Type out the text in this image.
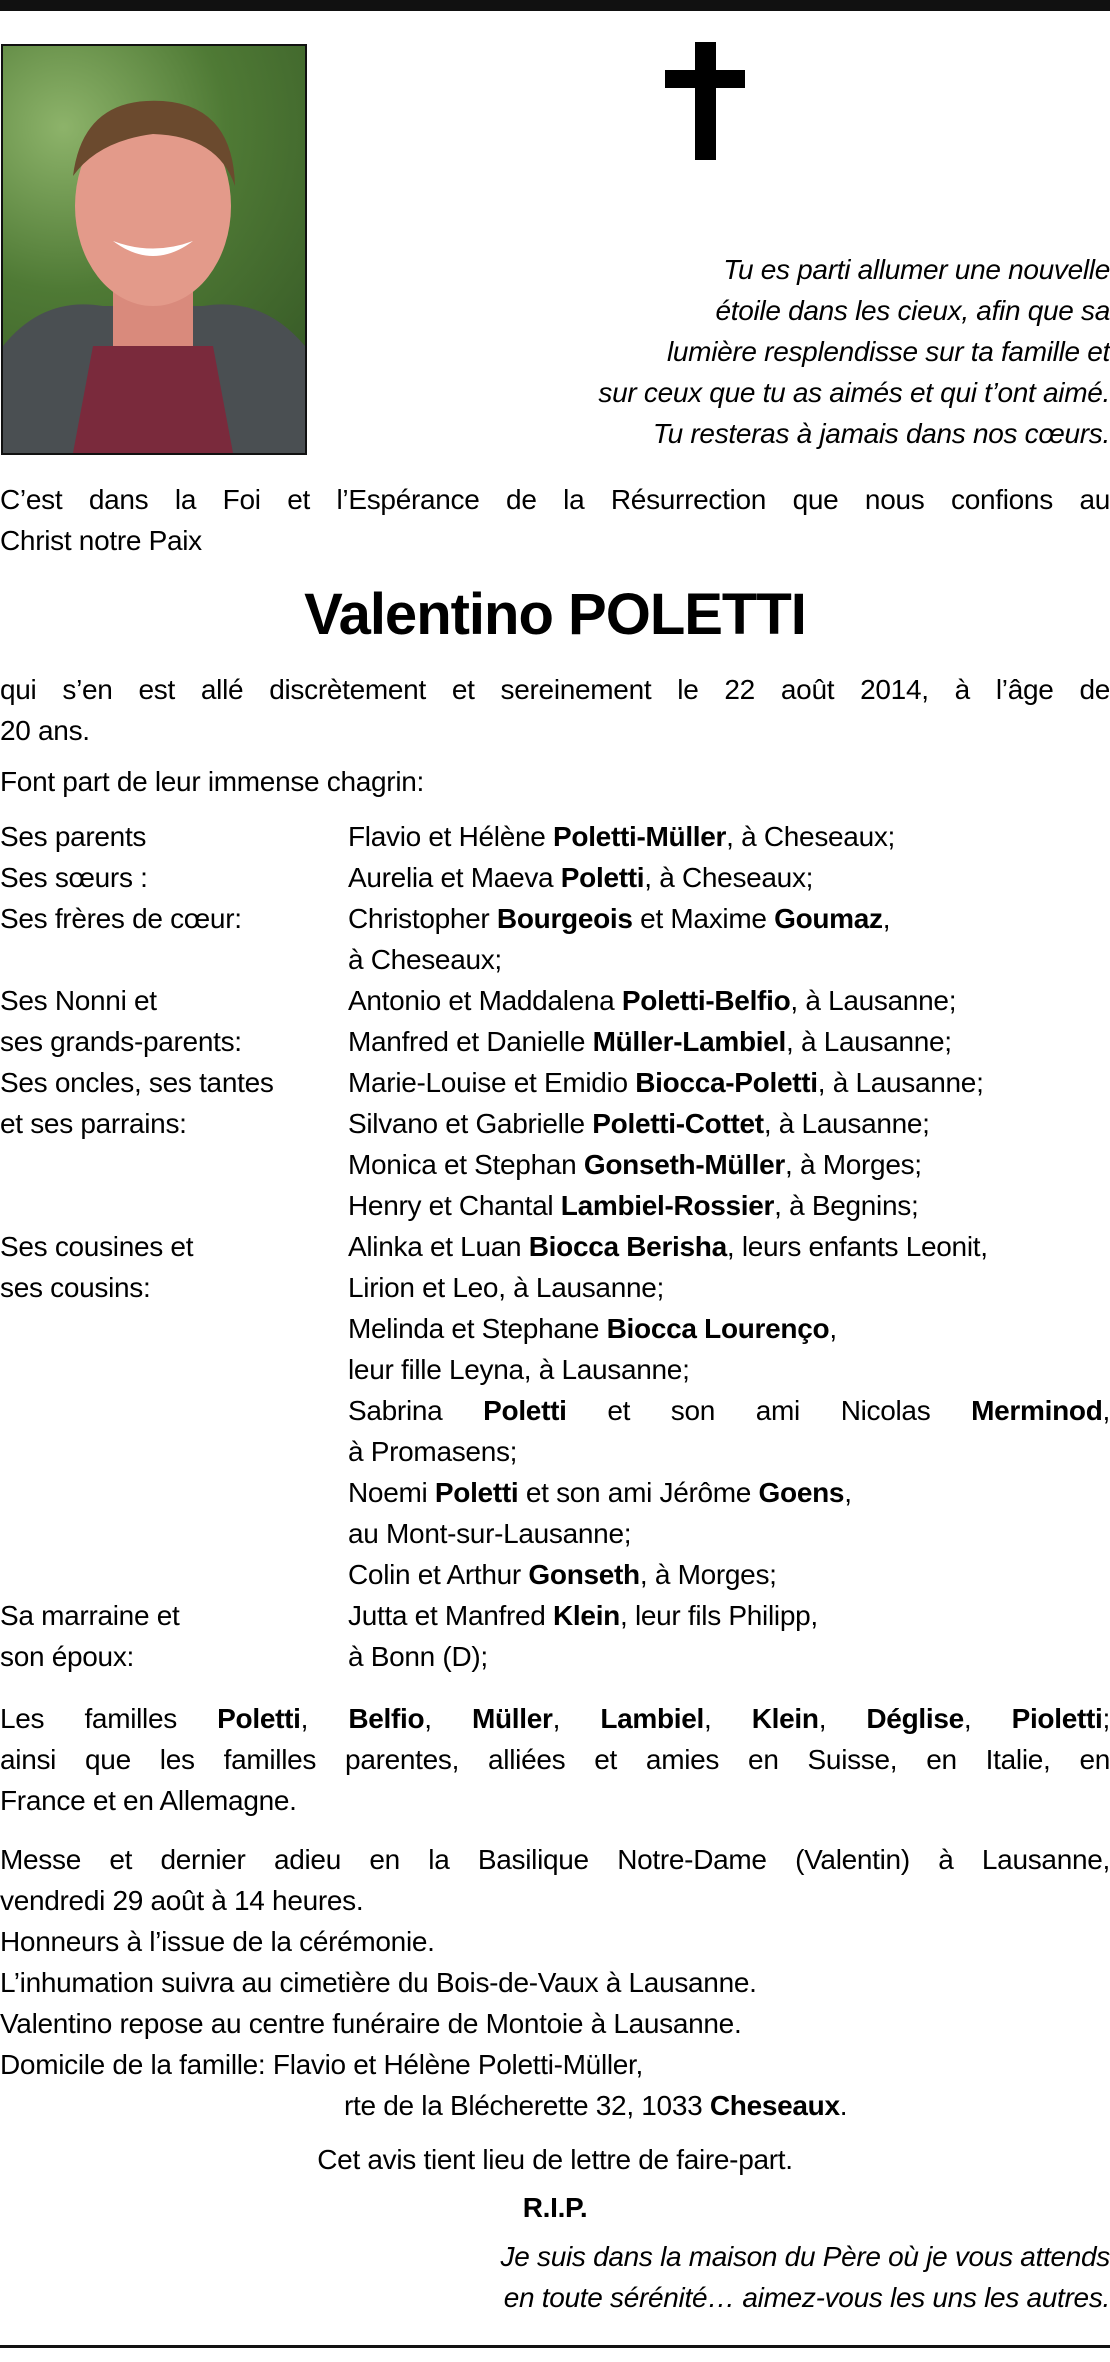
Tu es parti allumer une nouvelle
étoile dans les cieux, afin que sa
lumière resplendisse sur ta famille et
sur ceux que tu as aimés et qui t’ont aimé.
Tu resteras à jamais dans nos cœurs.
C’est dans la Foi et l’Espérance de la Résurrection que nous confions au
Christ notre Paix
Valentino POLETTI
qui s’en est allé discrètement et sereinement le 22 août 2014, à l’âge de
20 ans.
Font part de leur immense chagrin:
Ses parents	Flavio et Hélène Poletti-Müller, à Cheseaux;
Ses sœurs :	Aurelia et Maeva Poletti, à Cheseaux;
Ses frères de cœur:	Christopher Bourgeois et Maxime Goumaz,
à Cheseaux;
Ses Nonni et	Antonio et Maddalena Poletti-Belfio, à Lausanne;
ses grands-parents:	Manfred et Danielle Müller-Lambiel, à Lausanne;
Ses oncles, ses tantes	Marie-Louise et Emidio Biocca-Poletti, à Lausanne;
et ses parrains:	Silvano et Gabrielle Poletti-Cottet, à Lausanne;
Monica et Stephan Gonseth-Müller, à Morges;
Henry et Chantal Lambiel-Rossier, à Begnins;
Ses cousines et	Alinka et Luan Biocca Berisha, leurs enfants Leonit,
ses cousins:	Lirion et Leo, à Lausanne;
Melinda et Stephane Biocca Lourenço,
leur fille Leyna, à Lausanne;
Sabrina Poletti et son ami Nicolas Merminod,
à Promasens;
Noemi Poletti et son ami Jérôme Goens,
au Mont-sur-Lausanne;
Colin et Arthur Gonseth, à Morges;
Sa marraine et	Jutta et Manfred Klein, leur fils Philipp,
son époux:	à Bonn (D);
Les familles Poletti, Belfio, Müller, Lambiel, Klein, Déglise, Pioletti;
ainsi que les familles parentes, alliées et amies en Suisse, en Italie, en
France et en Allemagne.
Messe et dernier adieu en la Basilique Notre-Dame (Valentin) à Lausanne,
vendredi 29 août à 14 heures.
Honneurs à l’issue de la cérémonie.
L’inhumation suivra au cimetière du Bois-de-Vaux à Lausanne.
Valentino repose au centre funéraire de Montoie à Lausanne.
Domicile de la famille: Flavio et Hélène Poletti-Müller,
rte de la Blécherette 32, 1033 Cheseaux.
Cet avis tient lieu de lettre de faire-part.
R.I.P.
Je suis dans la maison du Père où je vous attends
en toute sérénité… aimez-vous les uns les autres.
